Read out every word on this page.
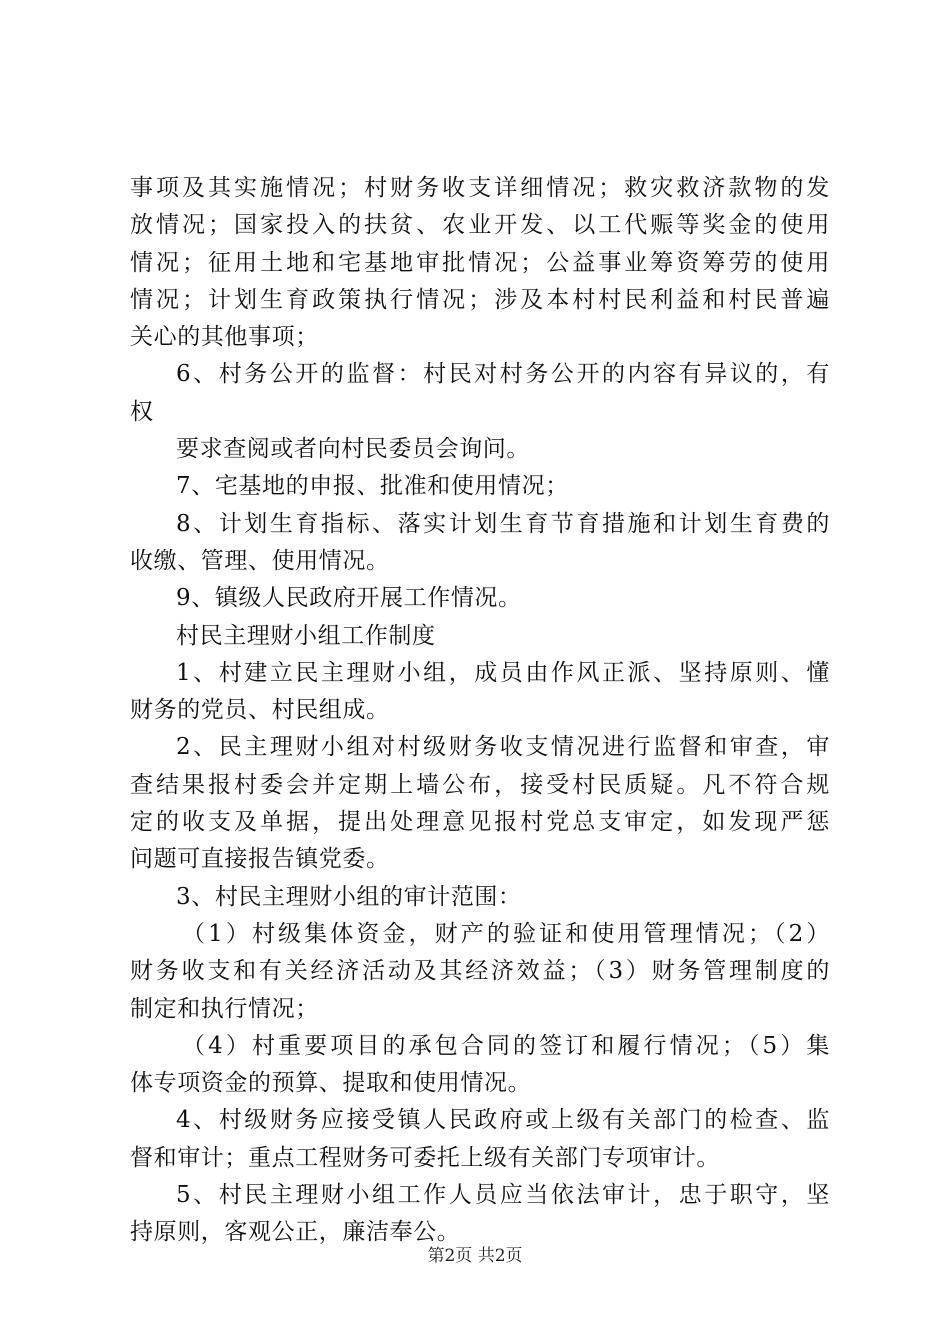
事项及其实施情况；村财务收支详细情况；救灾救济款物的发
放情况；国家投入的扶贫、农业开发、以工代赈等奖金的使用
情况；征用土地和宅基地审批情况；公益事业筹资筹劳的使用
情况；计划生育政策执行情况；涉及本村村民利益和村民普遍
关心的其他事项；
6、村务公开的监督：村民对村务公开的内容有异议的，有
权
要求查阅或者向村民委员会询问。
7、宅基地的申报、批准和使用情况；
8、计划生育指标、落实计划生育节育措施和计划生育费的
收缴、管理、使用情况。
9、镇级人民政府开展工作情况。
村民主理财小组工作制度
1、村建立民主理财小组，成员由作风正派、坚持原则、懂
财务的党员、村民组成。
2、民主理财小组对村级财务收支情况进行监督和审查，审
查结果报村委会并定期上墙公布，接受村民质疑。凡不符合规
定的收支及单据，提出处理意见报村党总支审定，如发现严惩
问题可直接报告镇党委。
3、村民主理财小组的审计范围：
（1）村级集体资金，财产的验证和使用管理情况；（2）
财务收支和有关经济活动及其经济效益；（3）财务管理制度的
制定和执行情况；
（4）村重要项目的承包合同的签订和履行情况；（5）集
体专项资金的预算、提取和使用情况。
4、村级财务应接受镇人民政府或上级有关部门的检查、监
督和审计；重点工程财务可委托上级有关部门专项审计。
5、村民主理财小组工作人员应当依法审计，忠于职守，坚
持原则，客观公正，廉洁奉公。
第2页 共2页
